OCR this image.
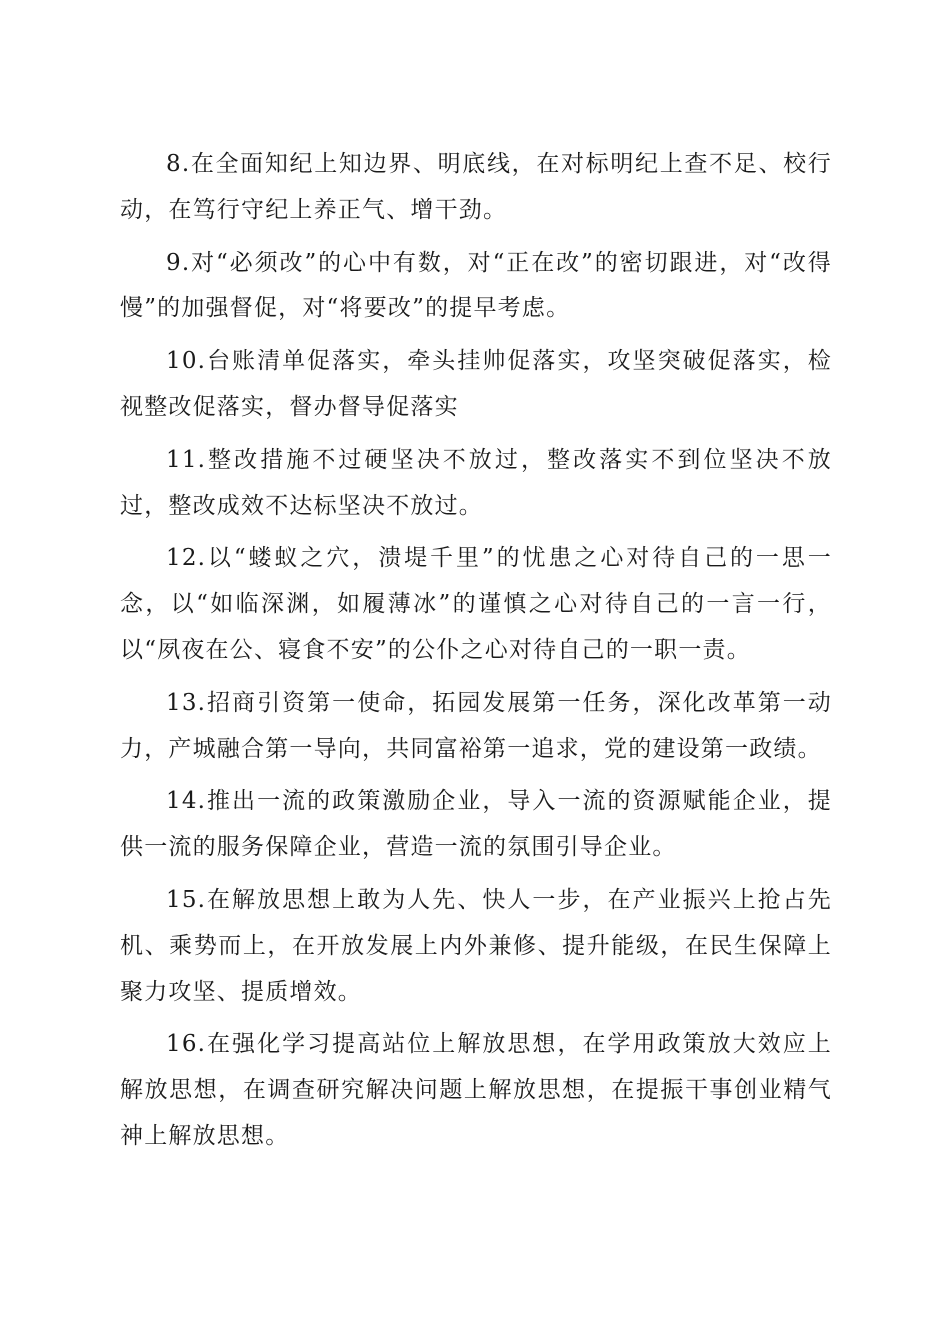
8.在全面知纪上知边界、明底线，在对标明纪上查不足、校行动，在笃行守纪上养正气、增干劲。

9.对“必须改”的心中有数，对“正在改”的密切跟进，对“改得慢”的加强督促，对“将要改”的提早考虑。

10.台账清单促落实，牵头挂帅促落实，攻坚突破促落实，检视整改促落实，督办督导促落实

11.整改措施不过硬坚决不放过，整改落实不到位坚决不放过，整改成效不达标坚决不放过。

12.以“蝼蚁之穴，溃堤千里”的忧患之心对待自己的一思一念，以“如临深渊，如履薄冰”的谨慎之心对待自己的一言一行，以“夙夜在公、寝食不安”的公仆之心对待自己的一职一责。

13.招商引资第一使命，拓园发展第一任务，深化改革第一动力，产城融合第一导向，共同富裕第一追求，党的建设第一政绩。

14.推出一流的政策激励企业，导入一流的资源赋能企业，提供一流的服务保障企业，营造一流的氛围引导企业。

15.在解放思想上敢为人先、快人一步，在产业振兴上抢占先机、乘势而上，在开放发展上内外兼修、提升能级，在民生保障上聚力攻坚、提质增效。

16.在强化学习提高站位上解放思想，在学用政策放大效应上解放思想，在调查研究解决问题上解放思想，在提振干事创业精气神上解放思想。
